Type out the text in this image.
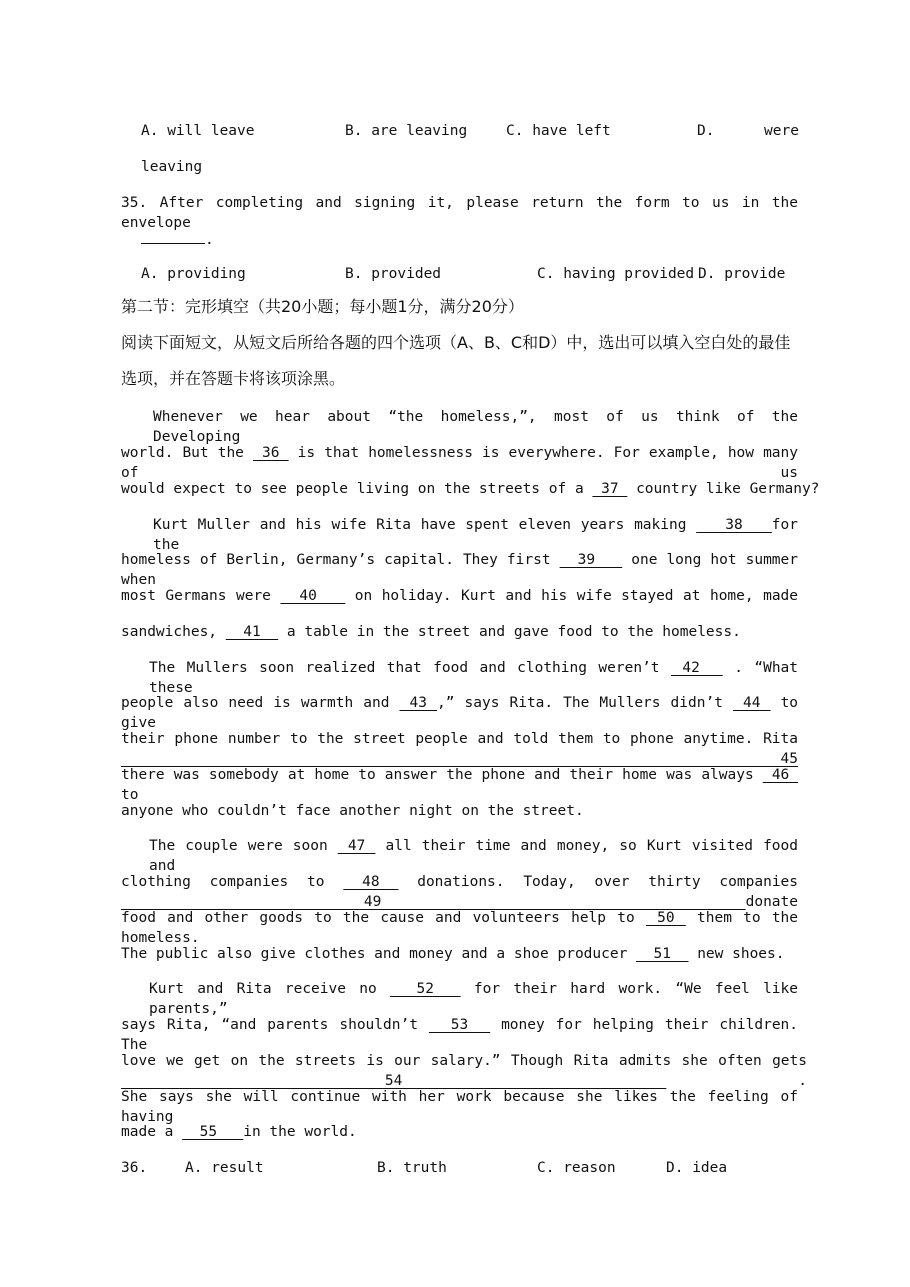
A. will leave	B. are leaving	C. have left	D.	were
leaving
35. After completing and signing it, please return the form to us in the envelope
.
A. providing	B. provided	C. having provided D. provide
第二节：完形填空（共20小题；每小题1分，满分20分）
阅读下面短文，从短文后所给各题的四个选项（A、B、C和D）中，选出可以填入空白处的最佳
选项，并在答题卡将该项涂黑。
Whenever we hear about “the homeless,”, most of us think of the Developing
world. But the  36  is that homelessness is everywhere. For example, how many of us
would expect to see people living on the streets of a  37  country like Germany?
Kurt Muller and his wife Rita have spent eleven years making    38   for the
homeless of Berlin, Germany’s capital. They first   39    one long hot summer when
most Germans were   40    on holiday. Kurt and his wife stayed at home, made
sandwiches,   41   a table in the street and gave food to the homeless.
The Mullers soon realized that food and clothing weren’t  42   . “What these
people also need is warmth and  43 ,” says Rita. The Mullers didn’t  44  to give
their phone number to the street people and told them to phone anytime. Rita  45
there was somebody at home to answer the phone and their home was always  46  to
anyone who couldn’t face another night on the street.
The couple were soon  47  all their time and money, so Kurt visited food and
clothing companies to  48  donations. Today, over thirty companies   49   donate
food and other goods to the cause and volunteers help to  50  them to the homeless.
The public also give clothes and money and a shoe producer   51   new shoes.
Kurt and Rita receive no   52   for their hard work. “We feel like parents,”
says Rita, “and parents shouldn’t   53   money for helping their children. The
love we get on the streets is our salary.” Though Rita admits she often gets   54	.
She says she will continue with her work because she likes the feeling of having
made a   55   in the world.
36.	A. result	B. truth	C. reason	D. idea
